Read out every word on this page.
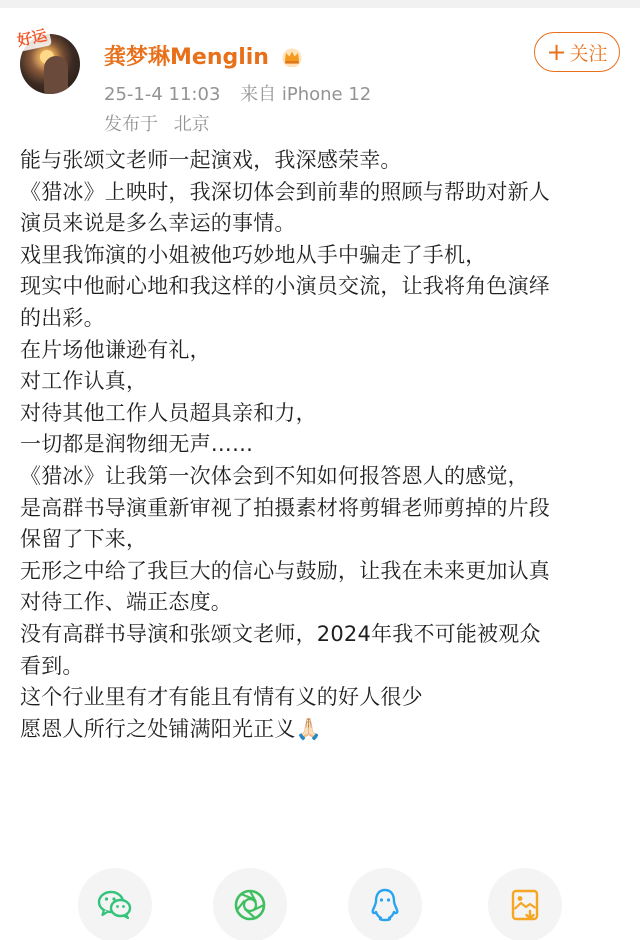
好运
龚梦琳Menglin
25-1-4 11:03 来自 iPhone 12
发布于 北京
+ 关注
能与张颂文老师一起演戏，我深感荣幸。
《猎冰》上映时，我深切体会到前辈的照顾与帮助对新人
演员来说是多么幸运的事情。
戏里我饰演的小姐被他巧妙地从手中骗走了手机，
现实中他耐心地和我这样的小演员交流，让我将角色演绎
的出彩。
在片场他谦逊有礼，
对工作认真，
对待其他工作人员超具亲和力，
一切都是润物细无声……
《猎冰》让我第一次体会到不知如何报答恩人的感觉，
是高群书导演重新审视了拍摄素材将剪辑老师剪掉的片段
保留了下来，
无形之中给了我巨大的信心与鼓励，让我在未来更加认真
对待工作、端正态度。
没有高群书导演和张颂文老师，2024年我不可能被观众
看到。
这个行业里有才有能且有情有义的好人很少
愿恩人所行之处铺满阳光正义🙏🏻
